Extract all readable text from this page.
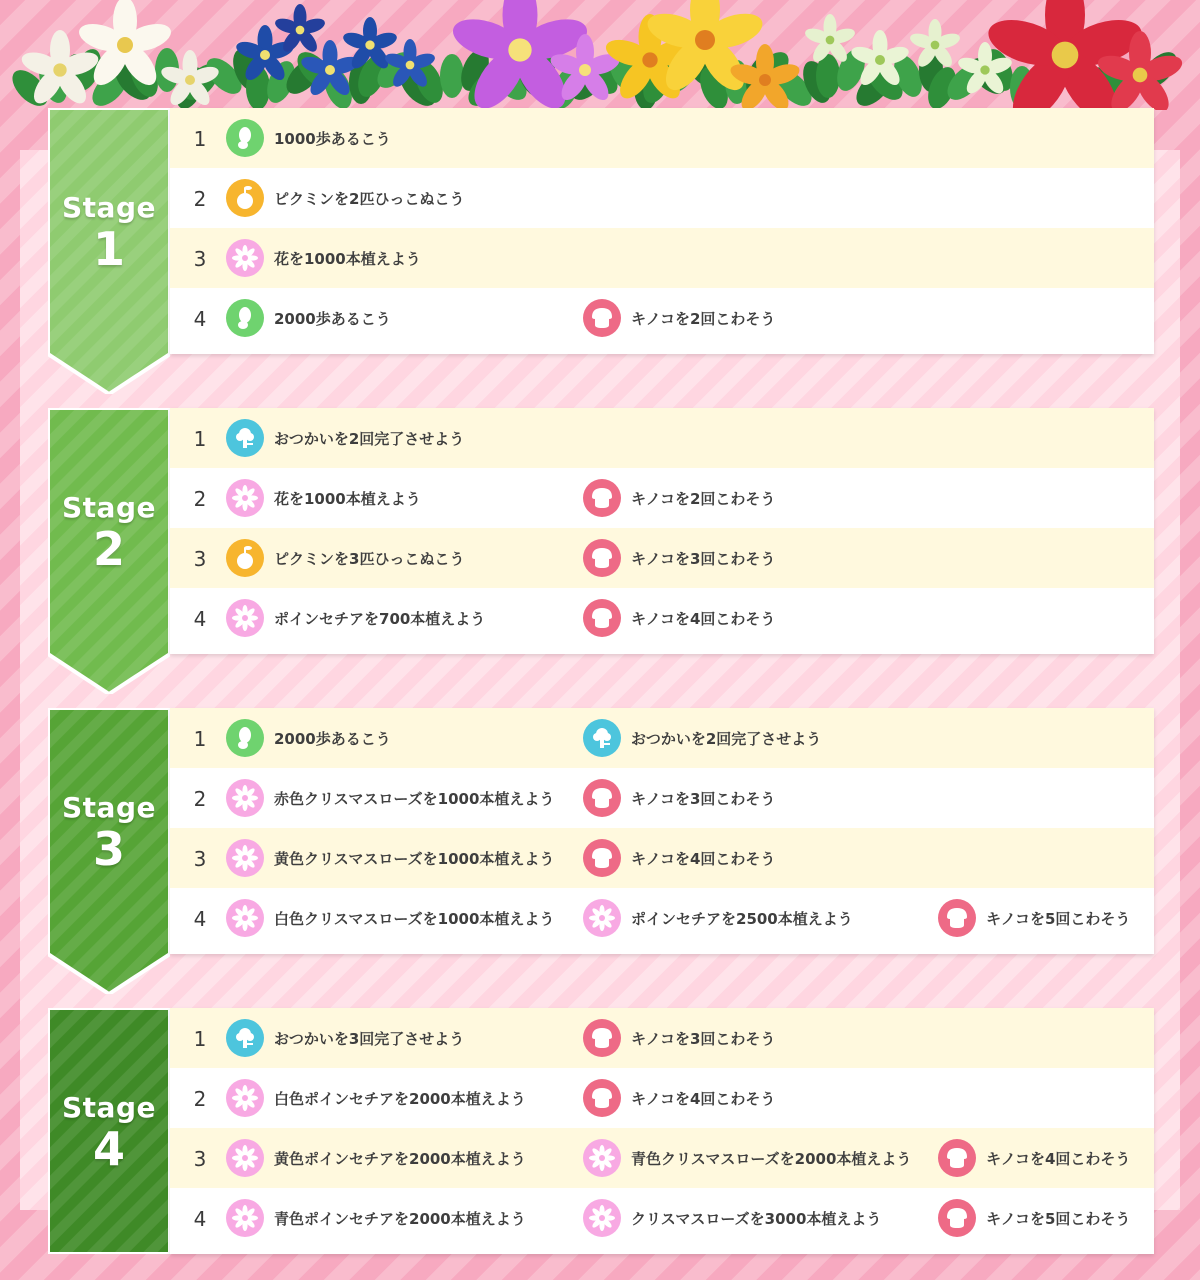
Stage
1
1	1000歩あるこう
2	ピクミンを2匹ひっこぬこう
3	花を1000本植えよう
4	2000歩あるこう	キノコを2回こわそう
Stage
2
1	おつかいを2回完了させよう
2	花を1000本植えよう	キノコを2回こわそう
3	ピクミンを3匹ひっこぬこう	キノコを3回こわそう
4	ポインセチアを700本植えよう	キノコを4回こわそう
Stage
3
1	2000歩あるこう	おつかいを2回完了させよう
2	赤色クリスマスローズを1000本植えよう	キノコを3回こわそう
3	黄色クリスマスローズを1000本植えよう	キノコを4回こわそう
4	白色クリスマスローズを1000本植えよう	ポインセチアを2500本植えよう	キノコを5回こわそう
Stage
4
1	おつかいを3回完了させよう	キノコを3回こわそう
2	白色ポインセチアを2000本植えよう	キノコを4回こわそう
3	黄色ポインセチアを2000本植えよう	青色クリスマスローズを2000本植えよう	キノコを4回こわそう
4	青色ポインセチアを2000本植えよう	クリスマスローズを3000本植えよう	キノコを5回こわそう
